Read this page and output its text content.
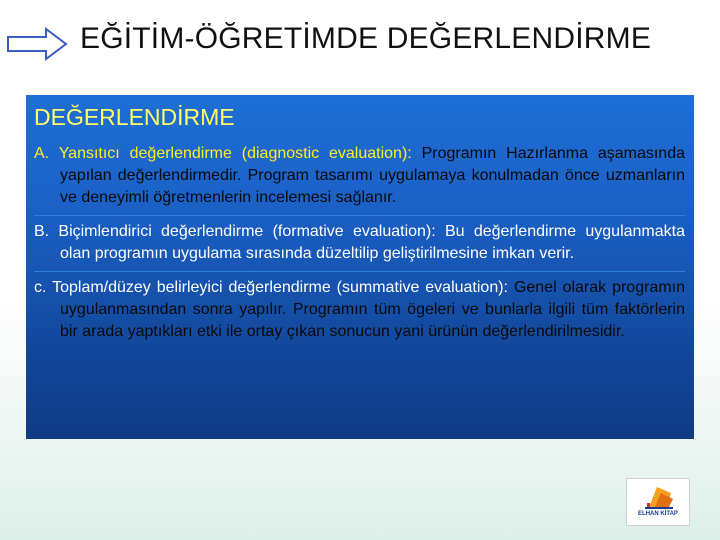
EĞİTİM-ÖĞRETİMDE DEĞERLENDİRME
DEĞERLENDİRME

A. Yansıtıcı değerlendirme (diagnostic evaluation): Programın Hazırlanma aşamasında yapılan değerlendirmedir. Program tasarımı uygulamaya konulmadan önce uzmanların ve deneyimli öğretmenlerin incelemesi sağlanır.

B. Biçimlendirici değerlendirme (formative evaluation): Bu değerlendirme uygulanmakta olan programın uygulama sırasında düzeltilip geliştirilmesine imkan verir.

c. Toplam/düzey belirleyici değerlendirme (summative evaluation): Genel olarak programın uygulanmasından sonra yapılır. Programın tüm ögeleri ve bunlarla ilgili tüm faktörlerin bir arada yaptıkları etki ile ortay çıkan sonucun yani ürünün değerlendirilmesidir.

ELHAN KİTAP
